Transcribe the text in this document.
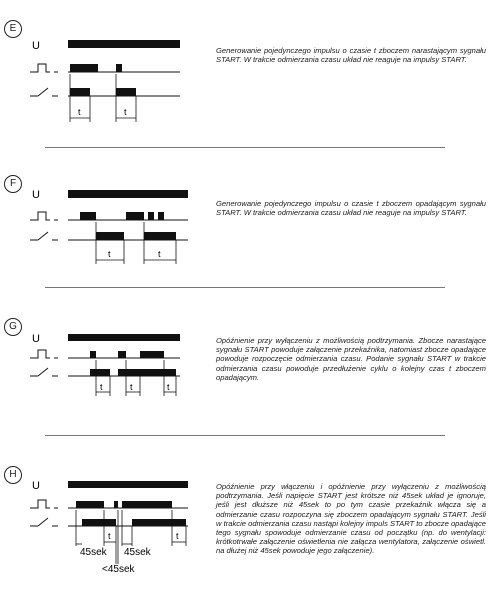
E
U
t	t

Generowanie pojedynczego impulsu o czasie t zboczem narastającym sygnału START. W trakcie odmierzania czasu układ nie reaguje na impulsy START.

F
U
t	t

Generowanie pojedynczego impulsu o czasie t zboczem opadającym sygnału START. W trakcie odmierzania czasu układ nie reaguje na impulsy START.

G
U
t	t	t

Opóźnienie przy wyłączeniu z możliwością podtrzymania. Zbocze narastające sygnału START powoduje załączenie przekaźnika, natomiast zbocze opadające powoduje rozpoczęcie odmierzania czasu. Podanie sygnału START w trakcie odmierzania czasu powoduje przedłużenie cyklu o kolejny czas t zboczem opadającym.

H
U
t	t
45sek 45sek
<45sek

Opóźnienie przy włączeniu i opóźnienie przy wyłączeniu z możliwością podtrzymania. Jeśli napięcie START jest krótsze niż 45sek układ je ignoruje, jeśli jest dłuższe niż 45sek to po tym czasie przekaźnik włącza się a odmierzanie czasu rozpoczyna się zboczem opadającym sygnału START. Jeśli w trakcie odmierzania czasu nastąpi kolejny impuls START to zbocze opadające tego sygnału spowoduje odmierzanie czasu od początku (np. do wentylacji: krótkotrwałe załączenie oświetlenia nie załącza wentylatora, załączenie oświetl. na dłużej niż 45sek powoduje jego załączenie).
